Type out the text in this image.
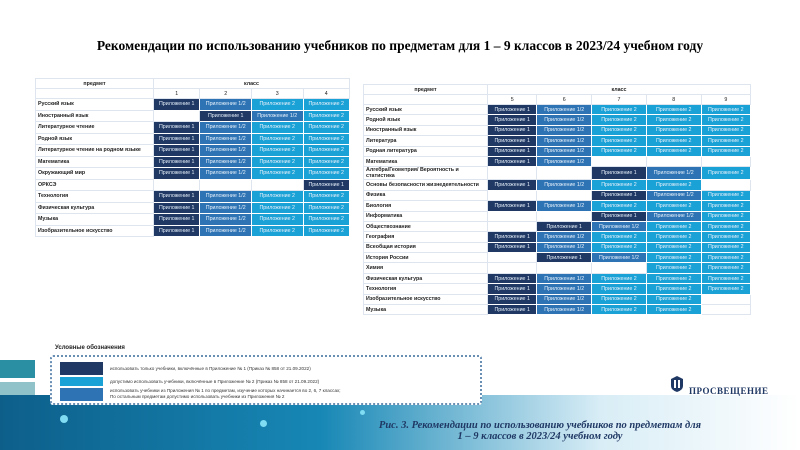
Рекомендации по использованию учебников по предметам для 1 – 9 классов в 2023/24 учебном году
предмет	класс			
	1	2	3	4
Русский язык	Приложение 1	Приложение 1/2	Приложение 2	Приложение 2
Иностранный язык		Приложение 1	Приложение 1/2	Приложение 2
Литературное чтение	Приложение 1	Приложение 1/2	Приложение 2	Приложение 2
Родной язык	Приложение 1	Приложение 1/2	Приложение 2	Приложение 2
Литературное чтение на родном языке	Приложение 1	Приложение 1/2	Приложение 2	Приложение 2
Математика	Приложение 1	Приложение 1/2	Приложение 2	Приложение 2
Окружающий мир	Приложение 1	Приложение 1/2	Приложение 2	Приложение 2
ОРКСЭ				Приложение 1
Технология	Приложение 1	Приложение 1/2	Приложение 2	Приложение 2
Физическая культура	Приложение 1	Приложение 1/2	Приложение 2	Приложение 2
Музыка	Приложение 1	Приложение 1/2	Приложение 2	Приложение 2
Изобразительное искусство	Приложение 1	Приложение 1/2	Приложение 2	Приложение 2
предмет	класс				
	5	6	7	8	9
Русский язык	Приложение 1	Приложение 1/2	Приложение 2	Приложение 2	Приложение 2
Родной язык	Приложение 1	Приложение 1/2	Приложение 2	Приложение 2	Приложение 2
Иностранный язык	Приложение 1	Приложение 1/2	Приложение 2	Приложение 2	Приложение 2
Литература	Приложение 1	Приложение 1/2	Приложение 2	Приложение 2	Приложение 2
Родная литература	Приложение 1	Приложение 1/2	Приложение 2	Приложение 2	Приложение 2
Математика	Приложение 1	Приложение 1/2			
Алгебра/Геометрия/ Вероятность и статистика			Приложение 1	Приложение 1/2	Приложение 2
Основы безопасности жизнедеятельности	Приложение 1	Приложение 1/2	Приложение 2	Приложение 2	
Физика			Приложение 1	Приложение 1/2	Приложение 2
Биология	Приложение 1	Приложение 1/2	Приложение 2	Приложение 2	Приложение 2
Информатика			Приложение 1	Приложение 1/2	Приложение 2
Обществознание		Приложение 1	Приложение 1/2	Приложение 2	Приложение 2
География	Приложение 1	Приложение 1/2	Приложение 2	Приложение 2	Приложение 2
Всеобщая история	Приложение 1	Приложение 1/2	Приложение 2	Приложение 2	Приложение 2
История России		Приложение 1	Приложение 1/2	Приложение 2	Приложение 2
Химия				Приложение 2	Приложение 2
Физическая культура	Приложение 1	Приложение 1/2	Приложение 2	Приложение 2	Приложение 2
Технология	Приложение 1	Приложение 1/2	Приложение 2	Приложение 2	Приложение 2
Изобразительное искусство	Приложение 1	Приложение 1/2	Приложение 2	Приложение 2	
Музыка	Приложение 1	Приложение 1/2	Приложение 2	Приложение 2	
Условные обозначения
использовать только учебники, включённые в Приложение № 1 (Приказ № 858 от 21.09.2022)
допустимо использовать учебники, включённые в Приложение № 2 (Приказ № 858 от 21.09.2022)
использовать учебники из Приложения № 1 по предметам, изучение которых начинается во 2, 6, 7 классах;
По остальным предметам допустимо использовать учебники из Приложения № 2
ПРОСВЕЩЕНИЕ
Рис. 3. Рекомендации по использованию учебников по предметам для
1 – 9 классов в 2023/24 учебном году
